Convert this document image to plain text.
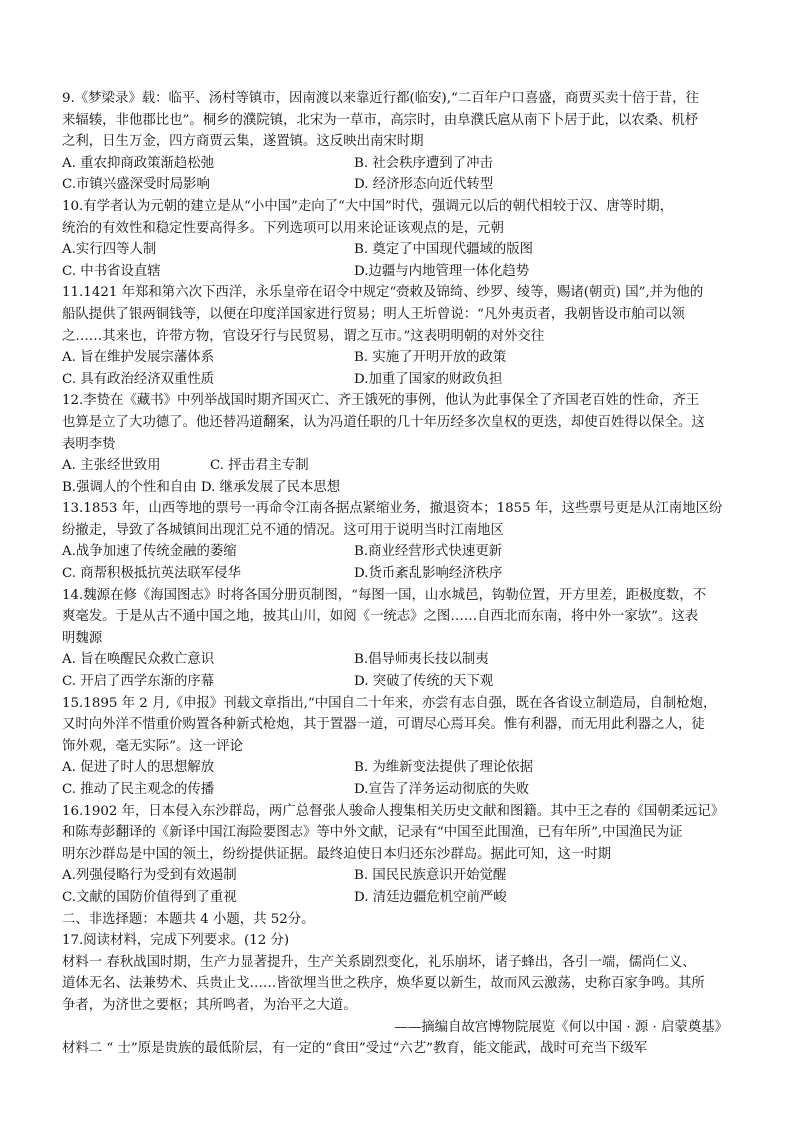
9.《梦梁录》载：临平、汤村等镇市，因南渡以来靠近行都(临安),“二百年户口喜盛，商贾买卖十倍于昔，往
来辐辏，非他郡比也”。桐乡的濮院镇，北宋为一草市，高宗时，由阜濮氏扈从南下卜居于此，以农桑、机杼
之利，日生万金，四方商贾云集，遂置镇。这反映出南宋时期
A. 重农抑商政策渐趋松弛	B. 社会秩序遭到了冲击
C.市镇兴盛深受时局影响	D. 经济形态向近代转型
10.有学者认为元朝的建立是从“小中国”走向了“大中国”时代，强调元以后的朝代相较于汉、唐等时期，
统治的有效性和稳定性要高得多。下列选项可以用来论证该观点的是，元朝
A.实行四等人制	B. 奠定了中国现代疆域的版图
C. 中书省设直辖	D.边疆与内地管理一体化趋势
11.1421 年郑和第六次下西洋，永乐皇帝在诏令中规定“赍敕及锦绮、纱罗、绫等，赐诸(朝贡) 国”,并为他的
船队提供了银两铜钱等，以便在印度洋国家进行贸易；明人王圻曾说：“凡外夷贡者，我朝皆设市舶司以领
之……其来也，许带方物，官设牙行与民贸易，谓之互市。”这表明明朝的对外交往
A. 旨在维护发展宗藩体系	B. 实施了开明开放的政策
C. 具有政治经济双重性质	D.加重了国家的财政负担
12.李贽在《藏书》中列举战国时期齐国灭亡、齐王饿死的事例，他认为此事保全了齐国老百姓的性命，齐王
也算是立了大功德了。他还替冯道翻案，认为冯道任职的几十年历经多次皇权的更迭，却使百姓得以保全。这
表明李贽
A. 主张经世致用	C. 抨击君主专制
B.强调人的个性和自由 D. 继承发展了民本思想
13.1853 年，山西等地的票号一再命令江南各据点紧缩业务，撤退资本；1855 年，这些票号更是从江南地区纷
纷撤走，导致了各城镇间出现汇兑不通的情况。这可用于说明当时江南地区
A.战争加速了传统金融的萎缩	B.商业经营形式快速更新
C. 商帮积极抵抗英法联军侵华	D.货币紊乱影响经济秩序
14.魏源在修《海国图志》时将各国分册页制图，“每图一国，山水城邑，钩勒位置，开方里差，距极度数，不
爽毫发。于是从古不通中国之地，披其山川，如阅《一统志》之图……自西北而东南，将中外一家欤”。这表
明魏源
A. 旨在唤醒民众救亡意识	B.倡导师夷长技以制夷
C. 开启了西学东渐的序幕	D. 突破了传统的天下观
15.1895 年 2 月,《申报》刊载文章指出,“中国自二十年来，亦尝有志自强，既在各省设立制造局，自制枪炮，
又时向外洋不惜重价购置各种新式枪炮，其于置器一道，可谓尽心焉耳矣。惟有利器，而无用此利器之人，徒
饰外观，毫无实际”。这一评论
A. 促进了时人的思想解放	B. 为维新变法提供了理论依据
C. 推动了民主观念的传播	D.宣告了洋务运动彻底的失败
16.1902 年，日本侵入东沙群岛，两广总督张人骏命人搜集相关历史文献和图籍。其中王之春的《国朝柔远记》
和陈寿彭翻译的《新译中国江海险要图志》等中外文献，记录有“中国至此围渔，已有年所”,中国渔民为证
明东沙群岛是中国的领土，纷纷提供证据。最终迫使日本归还东沙群岛。据此可知，这一时期
A.列强侵略行为受到有效遏制	B. 国民民族意识开始觉醒
C.文献的国防价值得到了重视	D. 清廷边疆危机空前严峻
二、非选择题：本题共 4 小题，共 52分。
17.阅读材料，完成下列要求。(12 分)
材料一 春秋战国时期，生产力显著提升，生产关系剧烈变化，礼乐崩坏，诸子蜂出，各引一端，儒尚仁义、
道体无名、法兼势术、兵贵止戈……皆欲埋当世之秩序，焕华夏以新生，故而风云激荡，史称百家争鸣。其所
争者，为济世之要枢；其所鸣者，为治平之大道。
——摘编自故宫博物院展览《何以中国 · 源 · 启蒙奠基》
材料二 “ 士”原是贵族的最低阶层，有一定的“食田”受过“六艺”教育，能文能武，战时可充当下级军
